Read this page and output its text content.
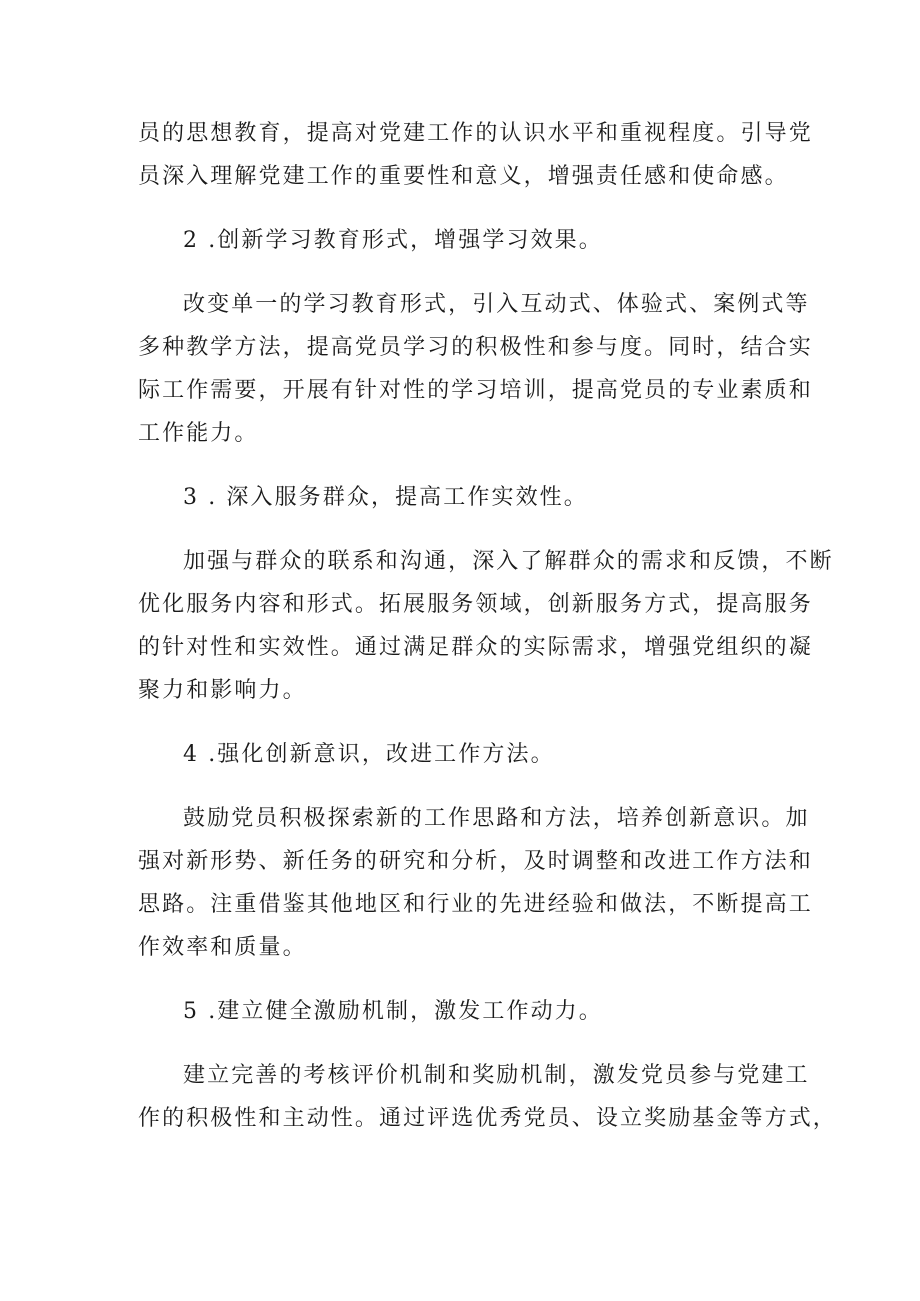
员的思想教育，提高对党建工作的认识水平和重视程度。引导党
员深入理解党建工作的重要性和意义，增强责任感和使命感。
2 .创新学习教育形式，增强学习效果。
改变单一的学习教育形式，引入互动式、体验式、案例式等
多种教学方法，提高党员学习的积极性和参与度。同时，结合实
际工作需要，开展有针对性的学习培训，提高党员的专业素质和
工作能力。
3 . 深入服务群众，提高工作实效性。
加强与群众的联系和沟通，深入了解群众的需求和反馈，不断
优化服务内容和形式。拓展服务领域，创新服务方式，提高服务
的针对性和实效性。通过满足群众的实际需求，增强党组织的凝
聚力和影响力。
4 .强化创新意识，改进工作方法。
鼓励党员积极探索新的工作思路和方法，培养创新意识。加
强对新形势、新任务的研究和分析，及时调整和改进工作方法和
思路。注重借鉴其他地区和行业的先进经验和做法，不断提高工
作效率和质量。
5 .建立健全激励机制，激发工作动力。
建立完善的考核评价机制和奖励机制，激发党员参与党建工
作的积极性和主动性。通过评选优秀党员、设立奖励基金等方式，
